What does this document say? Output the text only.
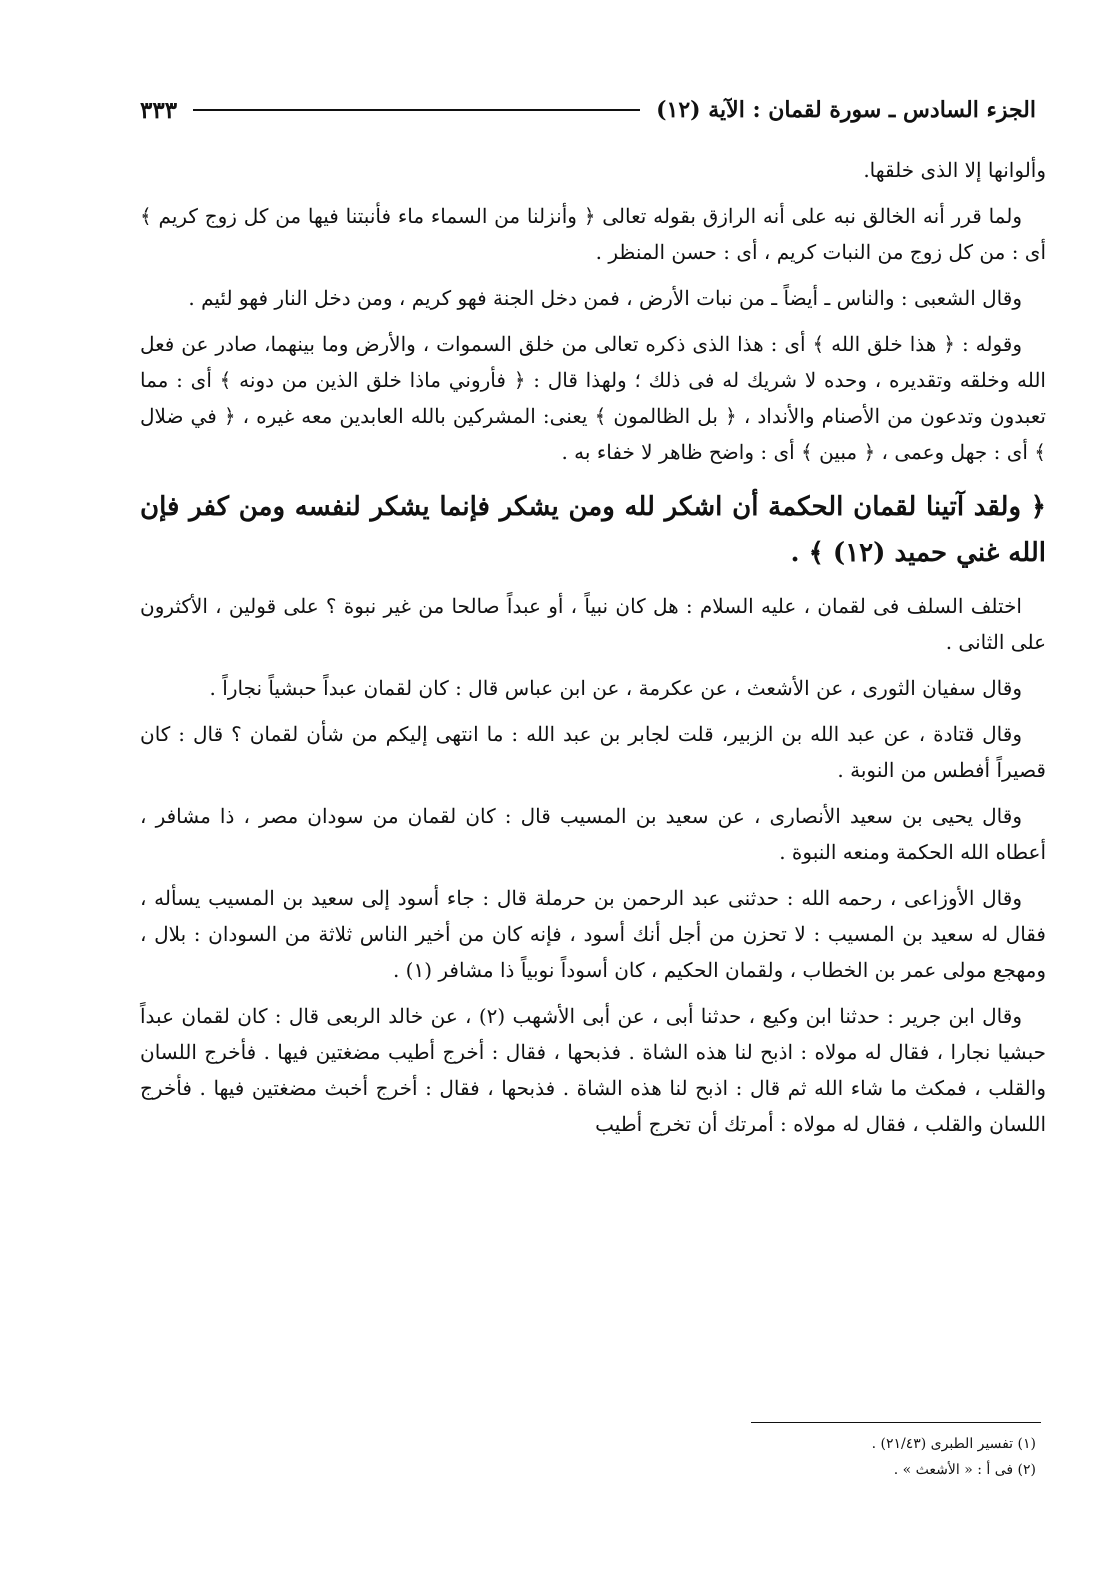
الجزء السادس ـ سورة لقمان : الآية (١٢)
٣٣٣

وألوانها إلا الذى خلقها.

ولما قرر أنه الخالق نبه على أنه الرازق بقوله تعالى ﴿ وأنزلنا من السماء ماء فأنبتنا فيها من كل زوج كريم ﴾ أى : من كل زوج من النبات كريم ، أى : حسن المنظر .

وقال الشعبى : والناس ـ أيضاً ـ من نبات الأرض ، فمن دخل الجنة فهو كريم ، ومن دخل النار فهو لئيم .

وقوله : ﴿ هذا خلق الله ﴾ أى : هذا الذى ذكره تعالى من خلق السموات ، والأرض وما بينهما، صادر عن فعل الله وخلقه وتقديره ، وحده لا شريك له فى ذلك ؛ ولهذا قال : ﴿ فأروني ماذا خلق الذين من دونه ﴾ أى : مما تعبدون وتدعون من الأصنام والأنداد ، ﴿ بل الظالمون ﴾ يعنى: المشركين بالله العابدين معه غيره ، ﴿ في ضلال ﴾ أى : جهل وعمى ، ﴿ مبين ﴾ أى : واضح ظاهر لا خفاء به .

﴿ ولقد آتينا لقمان الحكمة أن اشكر لله ومن يشكر فإنما يشكر لنفسه ومن كفر فإن الله غني حميد (١٢) ﴾ .

اختلف السلف فى لقمان ، عليه السلام : هل كان نبياً ، أو عبداً صالحا من غير نبوة ؟ على قولين ، الأكثرون على الثانى .

وقال سفيان الثورى ، عن الأشعث ، عن عكرمة ، عن ابن عباس قال : كان لقمان عبداً حبشياً نجاراً .

وقال قتادة ، عن عبد الله بن الزبير، قلت لجابر بن عبد الله : ما انتهى إليكم من شأن لقمان ؟ قال : كان قصيراً أفطس من النوبة .

وقال يحيى بن سعيد الأنصارى ، عن سعيد بن المسيب قال : كان لقمان من سودان مصر ، ذا مشافر ، أعطاه الله الحكمة ومنعه النبوة .

وقال الأوزاعى ، رحمه الله : حدثنى عبد الرحمن بن حرملة قال : جاء أسود إلى سعيد بن المسيب يسأله ، فقال له سعيد بن المسيب : لا تحزن من أجل أنك أسود ، فإنه كان من أخير الناس ثلاثة من السودان : بلال ، ومهجع مولى عمر بن الخطاب ، ولقمان الحكيم ، كان أسوداً نوبياً ذا مشافر (١) .

وقال ابن جرير : حدثنا ابن وكيع ، حدثنا أبى ، عن أبى الأشهب (٢) ، عن خالد الربعى قال : كان لقمان عبداً حبشيا نجارا ، فقال له مولاه : اذبح لنا هذه الشاة . فذبحها ، فقال : أخرج أطيب مضغتين فيها . فأخرج اللسان والقلب ، فمكث ما شاء الله ثم قال : اذبح لنا هذه الشاة . فذبحها ، فقال : أخرج أخبث مضغتين فيها . فأخرج اللسان والقلب ، فقال له مولاه : أمرتك أن تخرج أطيب

(١) تفسير الطبرى (٢١/٤٣) .
(٢) فى أ : « الأشعث » .
